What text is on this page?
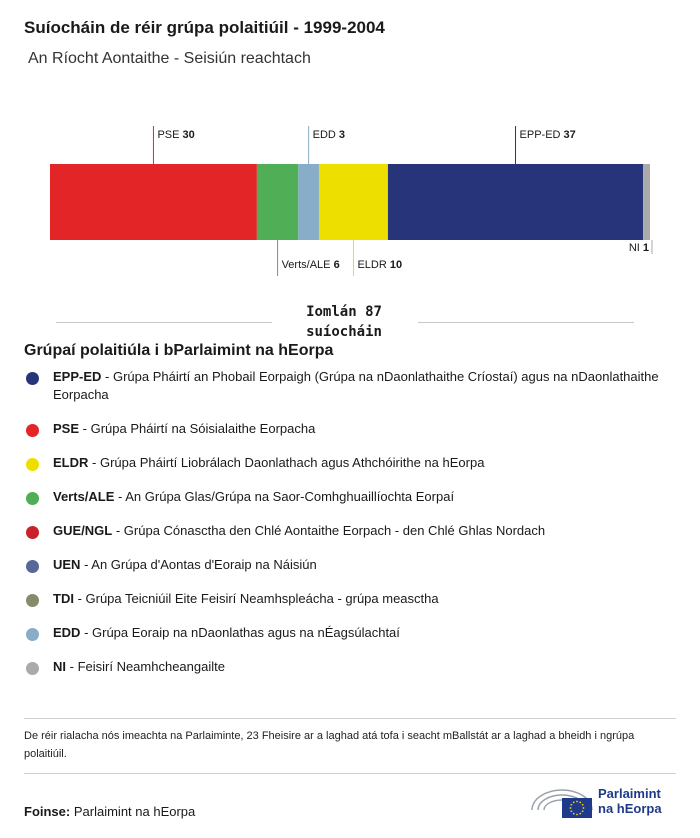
Suíocháin de réir grúpa polaitiúil - 1999-2004
An Ríocht Aontaithe - Seisiún reachtach
PSE 30
Verts/ALE 6
EDD 3
ELDR 10
EPP-ED 37
NI 1
Iomlán 87
suíocháin
Grúpaí polaitiúla i bParlaimint na hEorpa
EPP-ED - Grúpa Pháirtí an Phobail Eorpaigh (Grúpa na nDaonlathaithe Críostaí) agus na nDaonlathaithe Eorpacha
PSE - Grúpa Pháirtí na Sóisialaithe Eorpacha
ELDR - Grúpa Pháirtí Liobrálach Daonlathach agus Athchóirithe na hEorpa
Verts/ALE - An Grúpa Glas/Grúpa na Saor-Comhghuaillíochta Eorpaí
GUE/NGL - Grúpa Cónasctha den Chlé Aontaithe Eorpach - den Chlé Ghlas Nordach
UEN - An Grúpa d'Aontas d'Eoraip na Náisiún
TDI - Grúpa Teicniúil Eite Feisirí Neamhspleácha - grúpa measctha
EDD - Grúpa Eoraip na nDaonlathas agus na nÉagsúlachtaí
NI - Feisirí Neamhcheangailte
De réir rialacha nós imeachta na Parlaiminte, 23 Fheisire ar a laghad atá tofa i seacht mBallstát ar a laghad a bheidh i ngrúpa polaitiúil.
Foinse: Parlaimint na hEorpa
Parlaimint
na hEorpa
